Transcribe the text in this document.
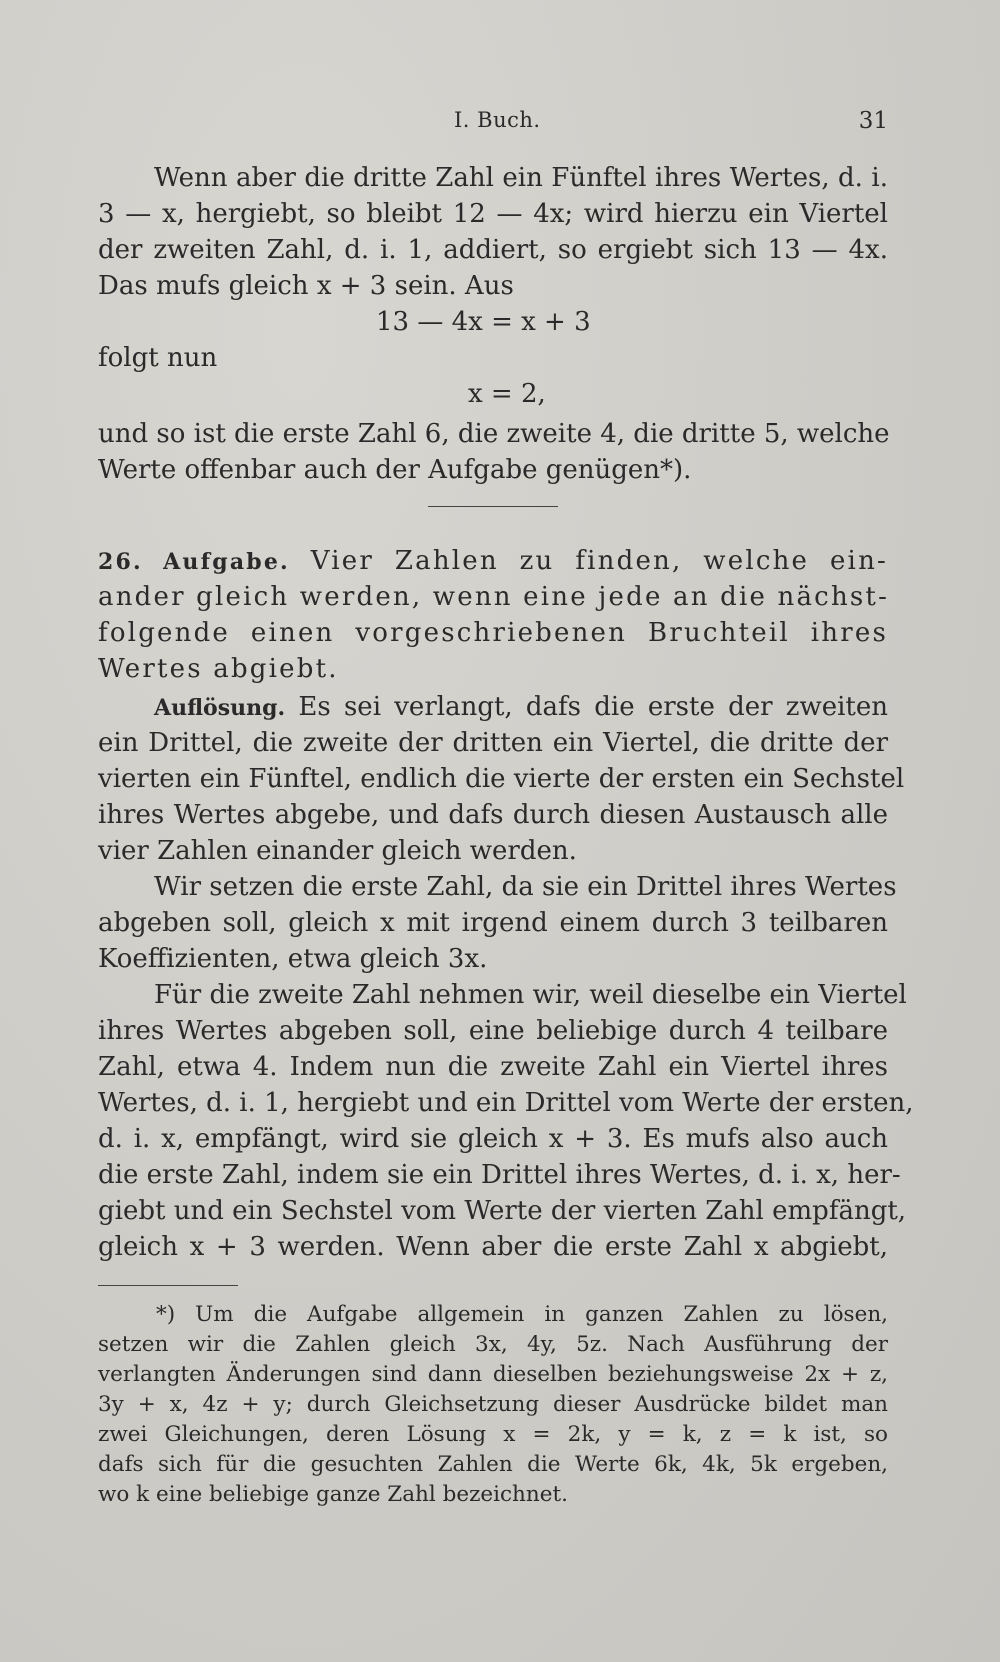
I. Buch.	31
Wenn aber die dritte Zahl ein Fünftel ihres Wertes, d. i.
3 — x, hergiebt, so bleibt 12 — 4x; wird hierzu ein Viertel
der zweiten Zahl, d. i. 1, addiert, so ergiebt sich 13 — 4x.
Das mufs gleich x + 3 sein. Aus
13 — 4x = x + 3
folgt nun
x = 2,
und so ist die erste Zahl 6, die zweite 4, die dritte 5, welche
Werte offenbar auch der Aufgabe genügen*).
26. Aufgabe. Vier Zahlen zu finden, welche ein-
ander gleich werden, wenn eine jede an die nächst-
folgende einen vorgeschriebenen Bruchteil ihres
Wertes abgiebt.
Auflösung. Es sei verlangt, dafs die erste der zweiten
ein Drittel, die zweite der dritten ein Viertel, die dritte der
vierten ein Fünftel, endlich die vierte der ersten ein Sechstel
ihres Wertes abgebe, und dafs durch diesen Austausch alle
vier Zahlen einander gleich werden.
Wir setzen die erste Zahl, da sie ein Drittel ihres Wertes
abgeben soll, gleich x mit irgend einem durch 3 teilbaren
Koeffizienten, etwa gleich 3x.
Für die zweite Zahl nehmen wir, weil dieselbe ein Viertel
ihres Wertes abgeben soll, eine beliebige durch 4 teilbare
Zahl, etwa 4. Indem nun die zweite Zahl ein Viertel ihres
Wertes, d. i. 1, hergiebt und ein Drittel vom Werte der ersten,
d. i. x, empfängt, wird sie gleich x + 3. Es mufs also auch
die erste Zahl, indem sie ein Drittel ihres Wertes, d. i. x, her-
giebt und ein Sechstel vom Werte der vierten Zahl empfängt,
gleich x + 3 werden. Wenn aber die erste Zahl x abgiebt,
*) Um die Aufgabe allgemein in ganzen Zahlen zu lösen,
setzen wir die Zahlen gleich 3x, 4y, 5z. Nach Ausführung der
verlangten Änderungen sind dann dieselben beziehungsweise 2x + z,
3y + x, 4z + y; durch Gleichsetzung dieser Ausdrücke bildet man
zwei Gleichungen, deren Lösung x = 2k, y = k, z = k ist, so
dafs sich für die gesuchten Zahlen die Werte 6k, 4k, 5k ergeben,
wo k eine beliebige ganze Zahl bezeichnet.
